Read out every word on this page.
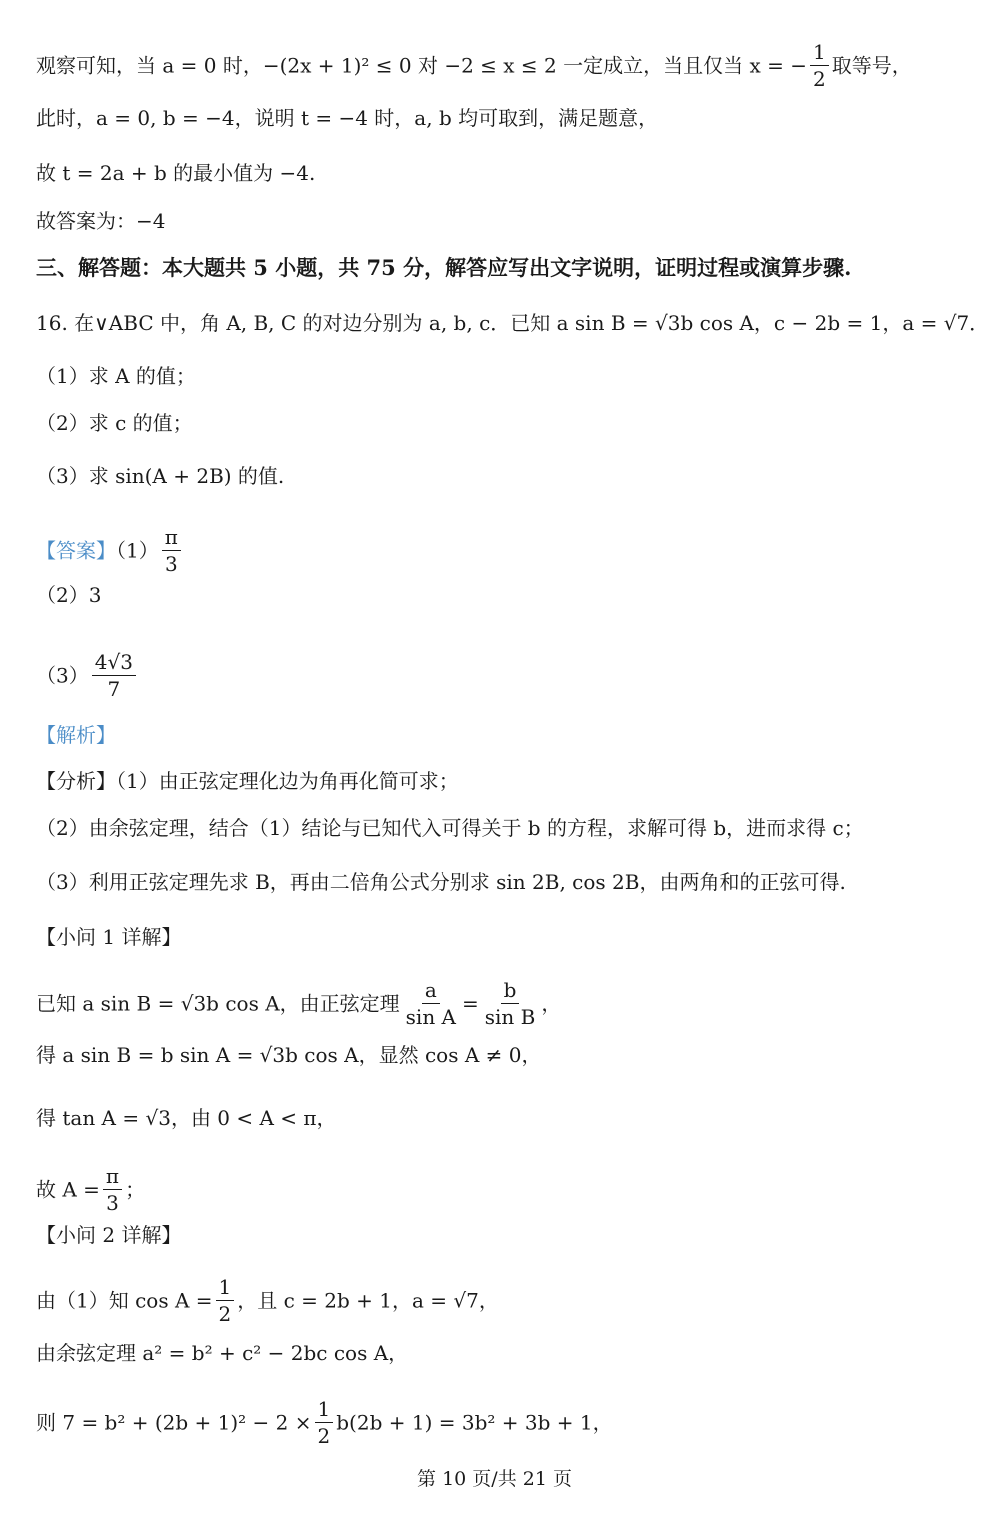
观察可知，当 a = 0 时，−(2x + 1)² ≤ 0 对 −2 ≤ x ≤ 2 一定成立，当且仅当 x = − $\frac{1}{2}$ 取等号，
此时，a = 0, b = −4，说明 t = −4 时，a, b 均可取到，满足题意，
故 t = 2a + b 的最小值为 −4.
故答案为：−4
三、解答题：本大题共 5 小题，共 75 分，解答应写出文字说明，证明过程或演算步骤.
16. 在∨ABC 中，角 A, B, C 的对边分别为 a, b, c．已知 a sin B = √3b cos A，c − 2b = 1，a = √7．
（1）求 A 的值；
（2）求 c 的值；
（3）求 sin(A + 2B) 的值.
【答案】$(1) \frac{\pi}{3}$
（2）3
$(3) \frac{4√3}{7}$
【解析】
【分析】（1）由正弦定理化边为角再化简可求；
（2）由余弦定理，结合（1）结论与已知代入可得关于 b 的方程，求解可得 b，进而求得 c；
（3）利用正弦定理先求 B，再由二倍角公式分别求 sin 2B, cos 2B，由两角和的正弦可得.
【小问 1 详解】
已知 a sin B = √3b cos A，由正弦定理 $\frac{a}{\text{sin A}} = \frac{b}{\text{sin B}}$ ，
得 a sin B = b sin A = √3b cos A，显然 cos A ≠ 0，
得 tan A = √3，由 0 < A < π，
故 $A = \frac{\pi}{3}$ ；
【小问 2 详解】
由（1）知 $\cos A = \frac{1}{2}$ ，且 c = 2b + 1，a = √7，
由余弦定理 a² = b² + c² − 2bc cos A，
则 $7 = b^2 + (2b + 1)^2 - 2 \times \frac{1}{2} b(2b + 1) = 3b^2 + 3b + 1$，
第 10 页/共 21 页
